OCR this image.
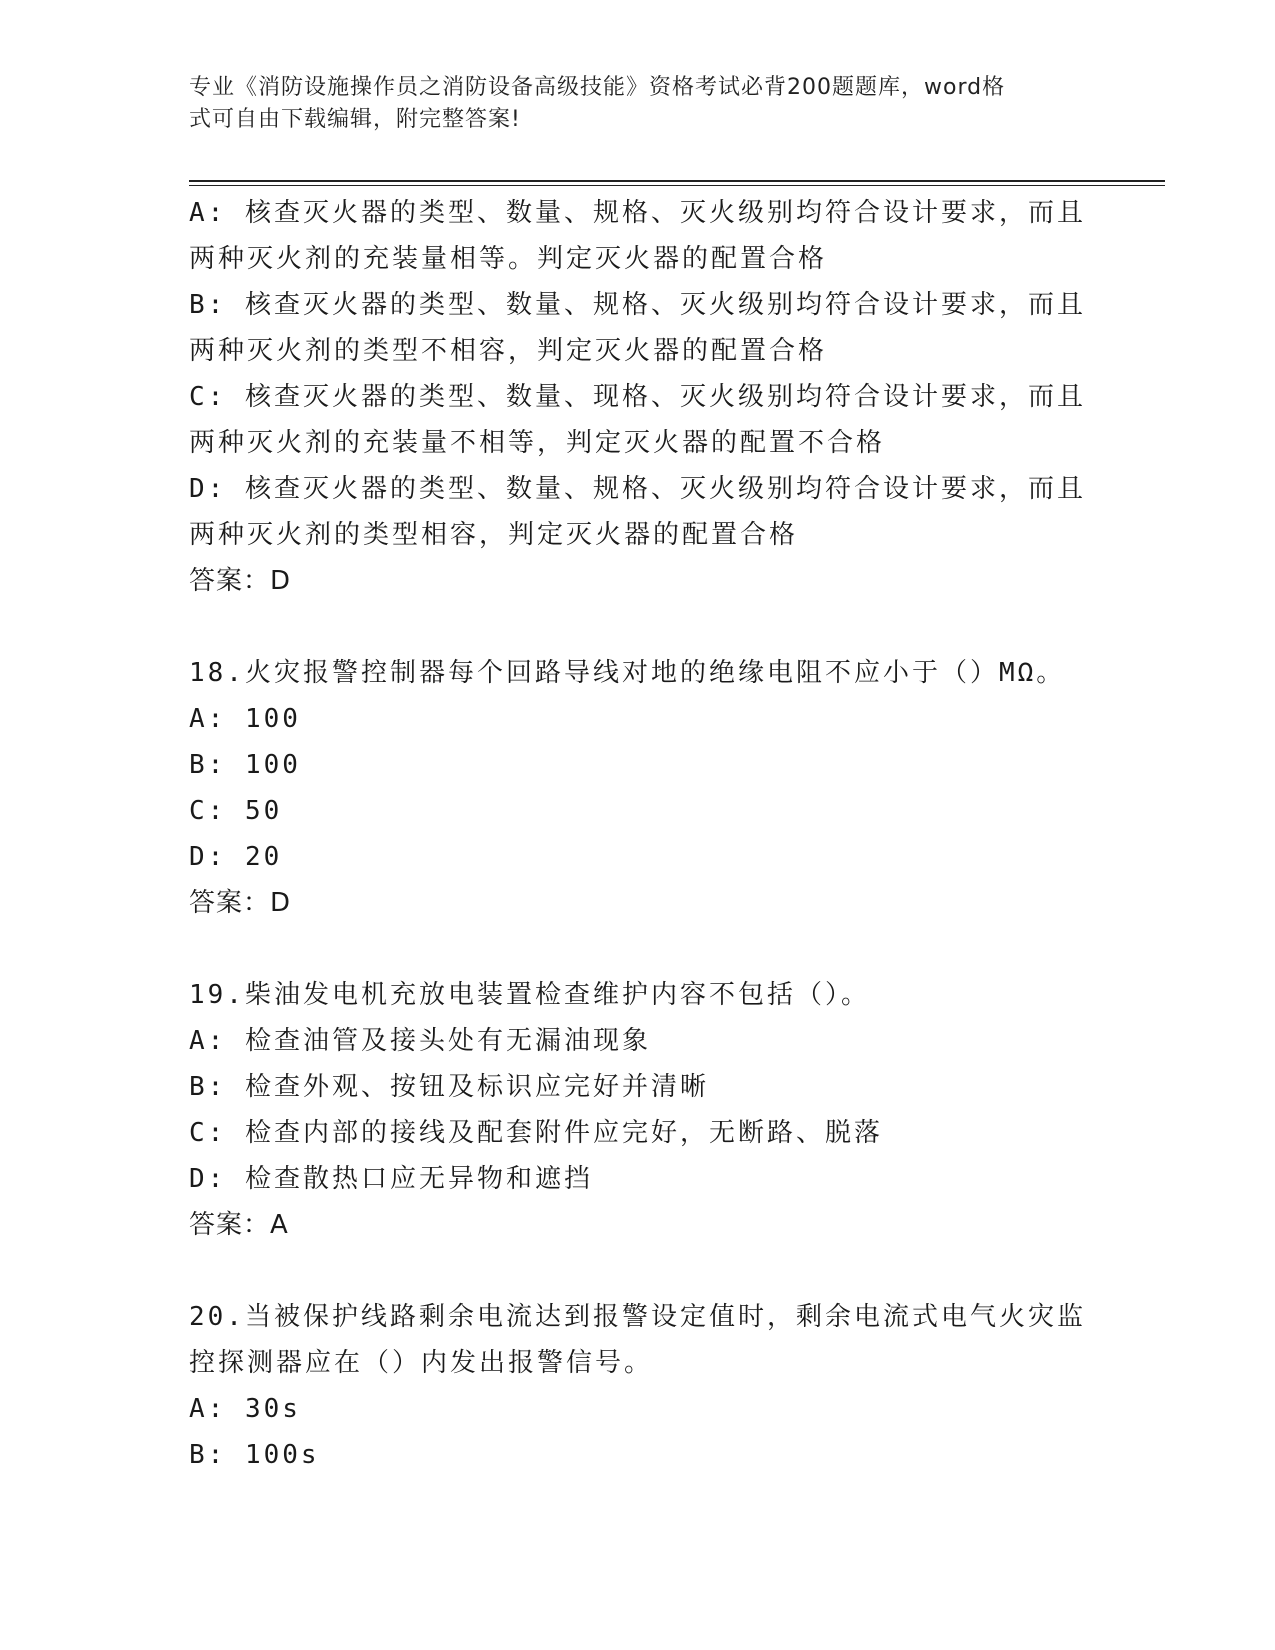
专业《消防设施操作员之消防设备高级技能》资格考试必背200题题库，word格
式可自由下载编辑，附完整答案!
A: 核查灭火器的类型、数量、规格、灭火级别均符合设计要求，而且
两种灭火剂的充装量相等。判定灭火器的配置合格
B: 核查灭火器的类型、数量、规格、灭火级别均符合设计要求，而且
两种灭火剂的类型不相容，判定灭火器的配置合格
C: 核查灭火器的类型、数量、现格、灭火级别均符合设计要求，而且
两种灭火剂的充装量不相等，判定灭火器的配置不合格
D: 核查灭火器的类型、数量、规格、灭火级别均符合设计要求，而且
两种灭火剂的类型相容，判定灭火器的配置合格
答案：D
18.火灾报警控制器每个回路导线对地的绝缘电阻不应小于（）MΩ。
A: 100
B: 100
C: 50
D: 20
答案：D
19.柴油发电机充放电装置检查维护内容不包括（）。
A: 检查油管及接头处有无漏油现象
B: 检查外观、按钮及标识应完好并清晰
C: 检查内部的接线及配套附件应完好，无断路、脱落
D: 检查散热口应无异物和遮挡
答案：A
20.当被保护线路剩余电流达到报警设定值时，剩余电流式电气火灾监
控探测器应在（）内发出报警信号。
A: 30s
B: 100s
